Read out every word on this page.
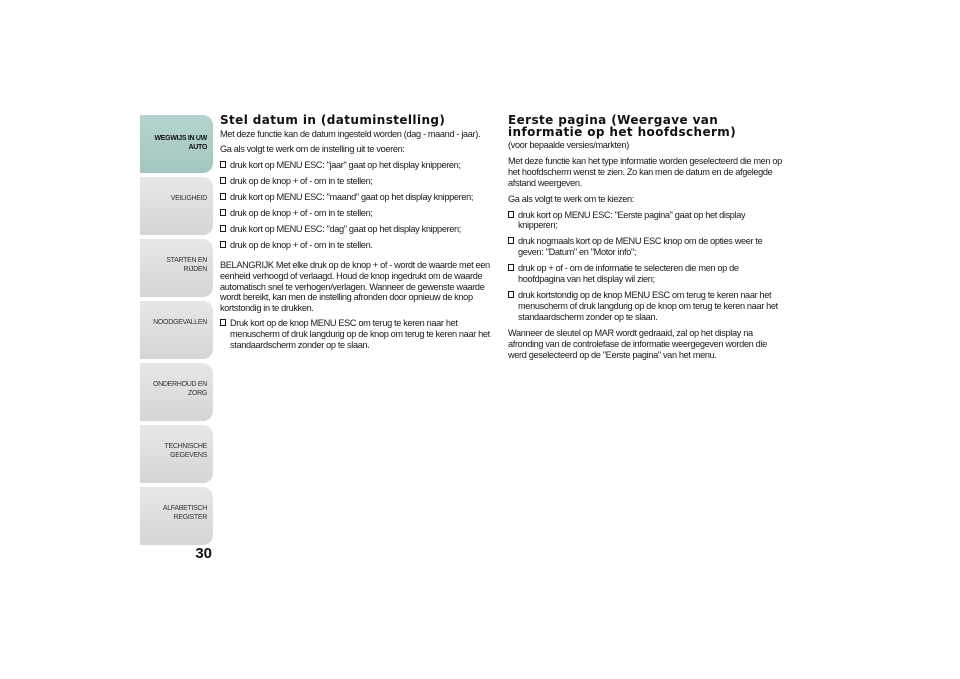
WEGWIJS IN UW AUTO
VEILIGHEID
STARTEN EN RIJDEN
NOODGEVALLEN
ONDERHOUD EN ZORG
TECHNISCHE GEGEVENS
ALFABETISCH REGISTER
30
Stel datum in (datuminstelling)

Met deze functie kan de datum ingesteld worden (dag - maand - jaar).

Ga als volgt te werk om de instelling uit te voeren:

druk kort op MENU ESC: "jaar" gaat op het display knipperen;
druk op de knop + of - om in te stellen;
druk kort op MENU ESC: "maand" gaat op het display knipperen;
druk op de knop + of - om in te stellen;
druk kort op MENU ESC: "dag" gaat op het display knipperen;
druk op de knop + of - om in te stellen.

BELANGRIJK Met elke druk op de knop + of - wordt de waarde met een eenheid verhoogd of verlaagd. Houd de knop ingedrukt om de waarde automatisch snel te verhogen/verlagen. Wanneer de gewenste waarde wordt bereikt, kan men de instelling afronden door opnieuw de knop kortstondig in te drukken.

Druk kort op de knop MENU ESC om terug te keren naar het menuscherm of druk langdurig op de knop om terug te keren naar het standaardscherm zonder op te slaan.
Eerste pagina (Weergave van informatie op het hoofdscherm)

(voor bepaalde versies/markten)

Met deze functie kan het type informatie worden geselecteerd die men op het hoofdscherm wenst te zien. Zo kan men de datum en de afgelegde afstand weergeven.

Ga als volgt te werk om te kiezen:

druk kort op MENU ESC: "Eerste pagina" gaat op het display knipperen;
druk nogmaals kort op de MENU ESC knop om de opties weer te geven: "Datum" en "Motor info";
druk op + of - om de informatie te selecteren die men op de hoofdpagina van het display wil zien;
druk kortstondig op de knop MENU ESC om terug te keren naar het menuscherm of druk langdurig op de knop om terug te keren naar het standaardscherm zonder op te slaan.

Wanneer de sleutel op MAR wordt gedraaid, zal op het display na afronding van de controlefase de informatie weergegeven worden die werd geselecteerd op de "Eerste pagina" van het menu.
